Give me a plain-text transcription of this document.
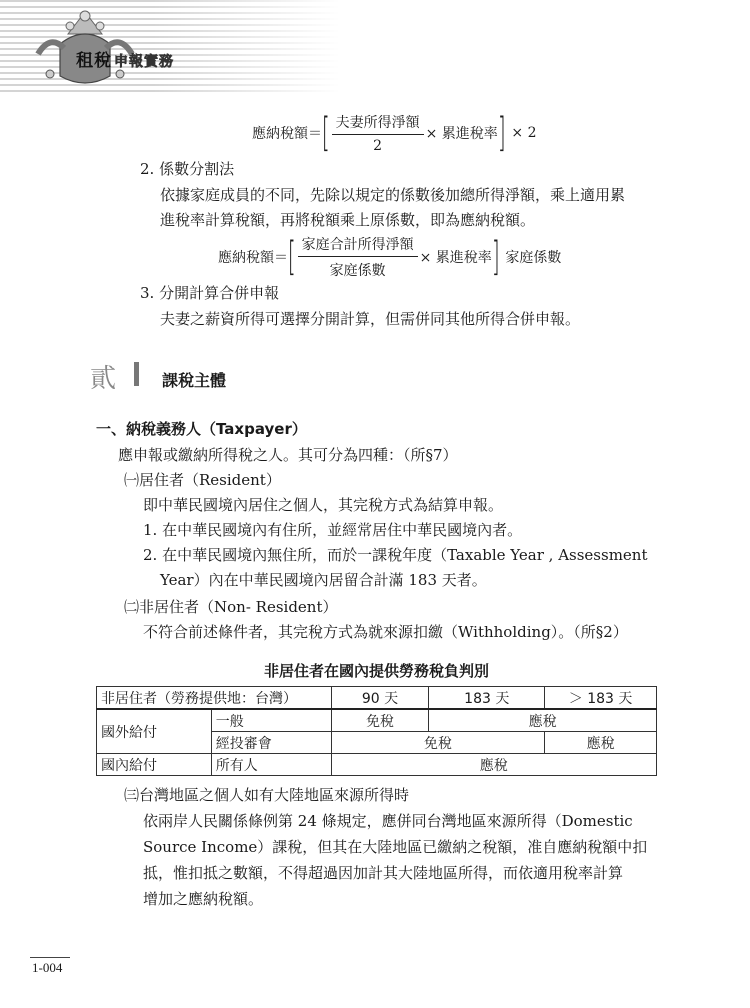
租稅 申報實務
應納稅額＝ [ $\frac{\text{夫妻所得淨額}}{2}$ × 累進稅率 ] × 2
2. 係數分割法
依據家庭成員的不同，先除以規定的係數後加總所得淨額，乘上適用累
進稅率計算稅額，再將稅額乘上原係數，即為應納稅額。
應納稅額＝ [ $\frac{\text{家庭合計所得淨額}}{\text{家庭係數}}$ × 累進稅率 ] 家庭係數
3. 分開計算合併申報
夫妻之薪資所得可選擇分開計算，但需併同其他所得合併申報。
貳	課稅主體
一、納稅義務人（Taxpayer）
應申報或繳納所得稅之人。其可分為四種：（所§7）
㈠居住者（Resident）
即中華民國境內居住之個人，其完稅方式為結算申報。
1. 在中華民國境內有住所，並經常居住中華民國境內者。
2. 在中華民國境內無住所，而於一課稅年度（Taxable Year , Assessment
Year）內在中華民國境內居留合計滿 183 天者。
㈡非居住者（Non- Resident）
不符合前述條件者，其完稅方式為就來源扣繳（Withholding）。（所§2）
非居住者在國內提供勞務稅負判別
非居住者（勞務提供地：台灣）		90 天	183 天	＞ 183 天
國外給付	一般	免稅	應稅	
	經投審會	免稅		應稅
國內給付	所有人	應稅		
㈢台灣地區之個人如有大陸地區來源所得時
依兩岸人民關係條例第 24 條規定，應併同台灣地區來源所得（Domestic
Source Income）課稅，但其在大陸地區已繳納之稅額，准自應納稅額中扣
抵，惟扣抵之數額，不得超過因加計其大陸地區所得，而依適用稅率計算
增加之應納稅額。
1-004
